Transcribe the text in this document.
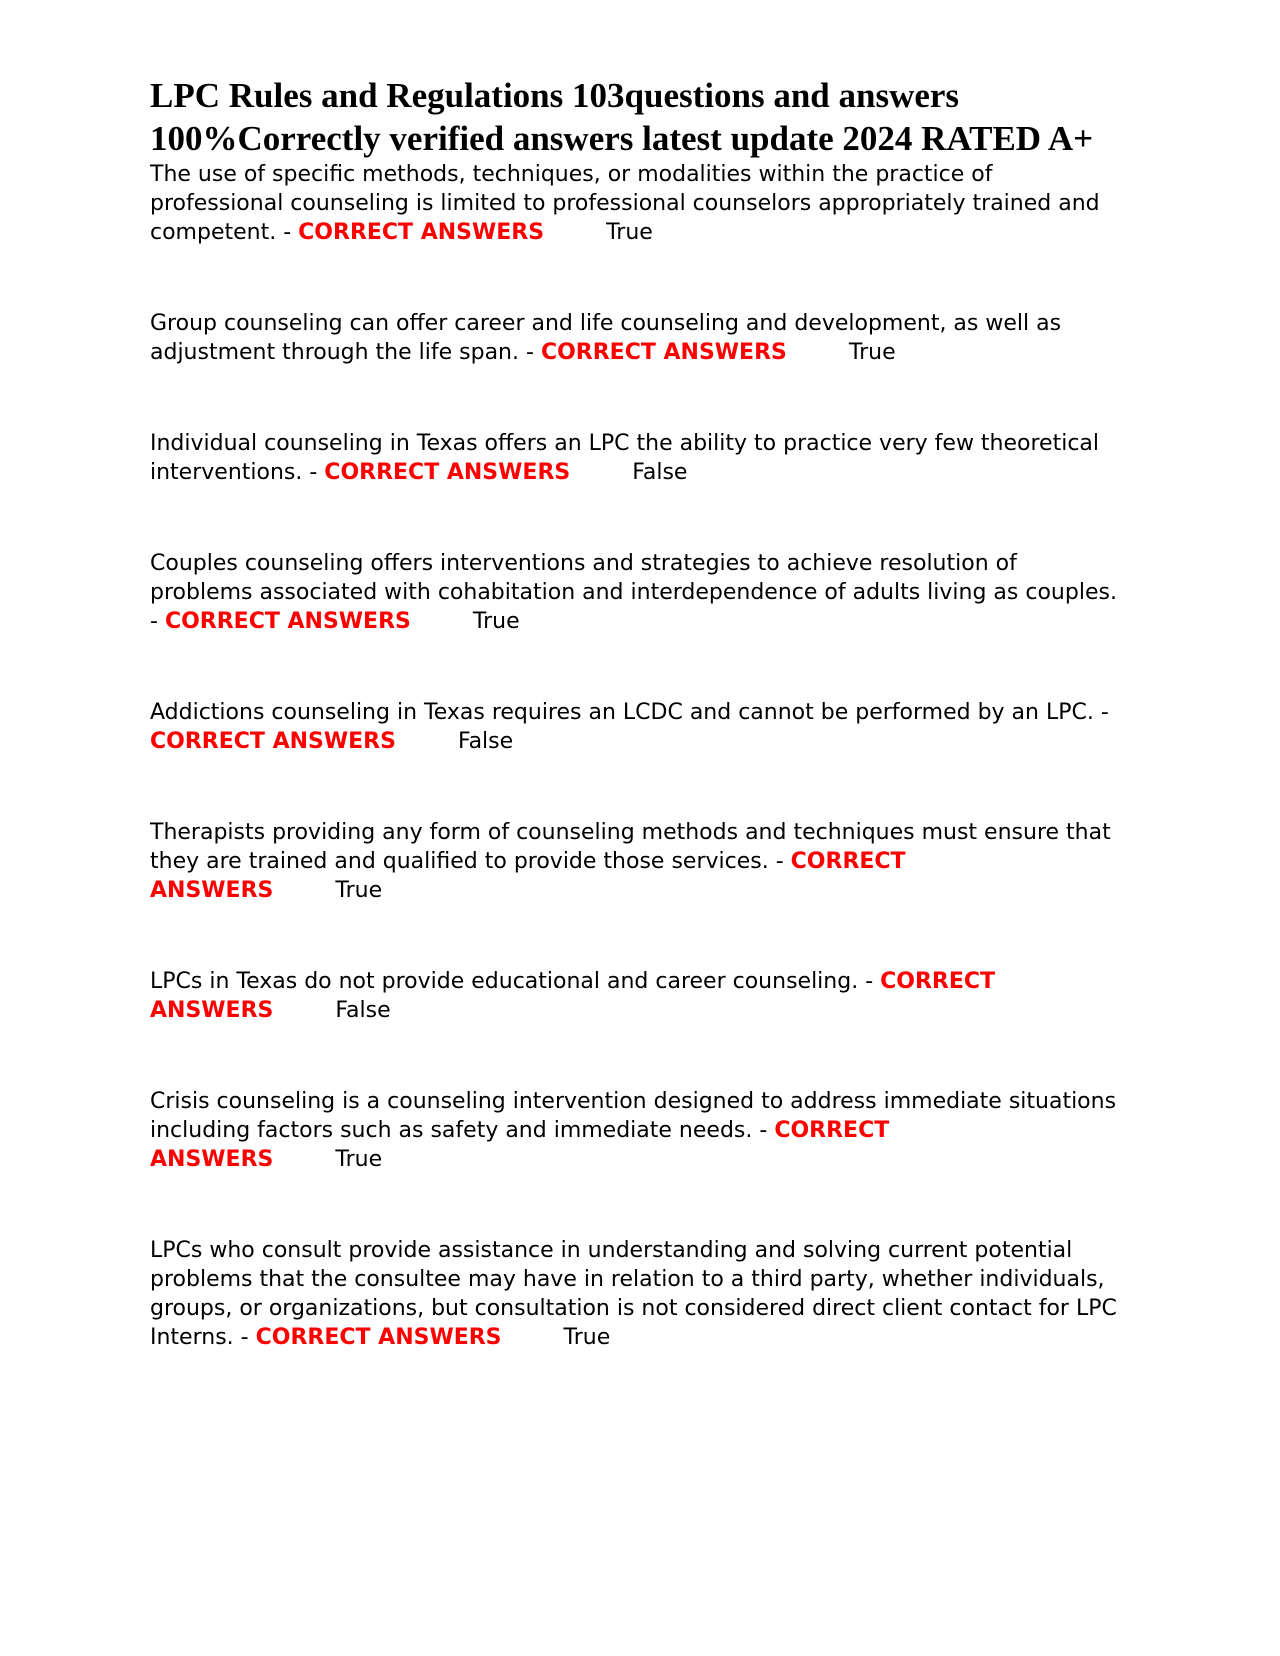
LPC Rules and Regulations 103questions and answers 100%Correctly verified answers latest update 2024 RATED A+
The use of specific methods, techniques, or modalities within the practice of professional counseling is limited to professional counselors appropriately trained and competent. - CORRECT ANSWERS	True
Group counseling can offer career and life counseling and development, as well as adjustment through the life span. - CORRECT ANSWERS	True
Individual counseling in Texas offers an LPC the ability to practice very few theoretical interventions. - CORRECT ANSWERS	False
Couples counseling offers interventions and strategies to achieve resolution of problems associated with cohabitation and interdependence of adults living as couples. - CORRECT ANSWERS	True
Addictions counseling in Texas requires an LCDC and cannot be performed by an LPC. - CORRECT ANSWERS	False
Therapists providing any form of counseling methods and techniques must ensure that they are trained and qualified to provide those services. - CORRECT ANSWERS	True
LPCs in Texas do not provide educational and career counseling. - CORRECT ANSWERS	False
Crisis counseling is a counseling intervention designed to address immediate situations including factors such as safety and immediate needs. - CORRECT ANSWERS	True
LPCs who consult provide assistance in understanding and solving current potential problems that the consultee may have in relation to a third party, whether individuals, groups, or organizations, but consultation is not considered direct client contact for LPC Interns. - CORRECT ANSWERS	True
